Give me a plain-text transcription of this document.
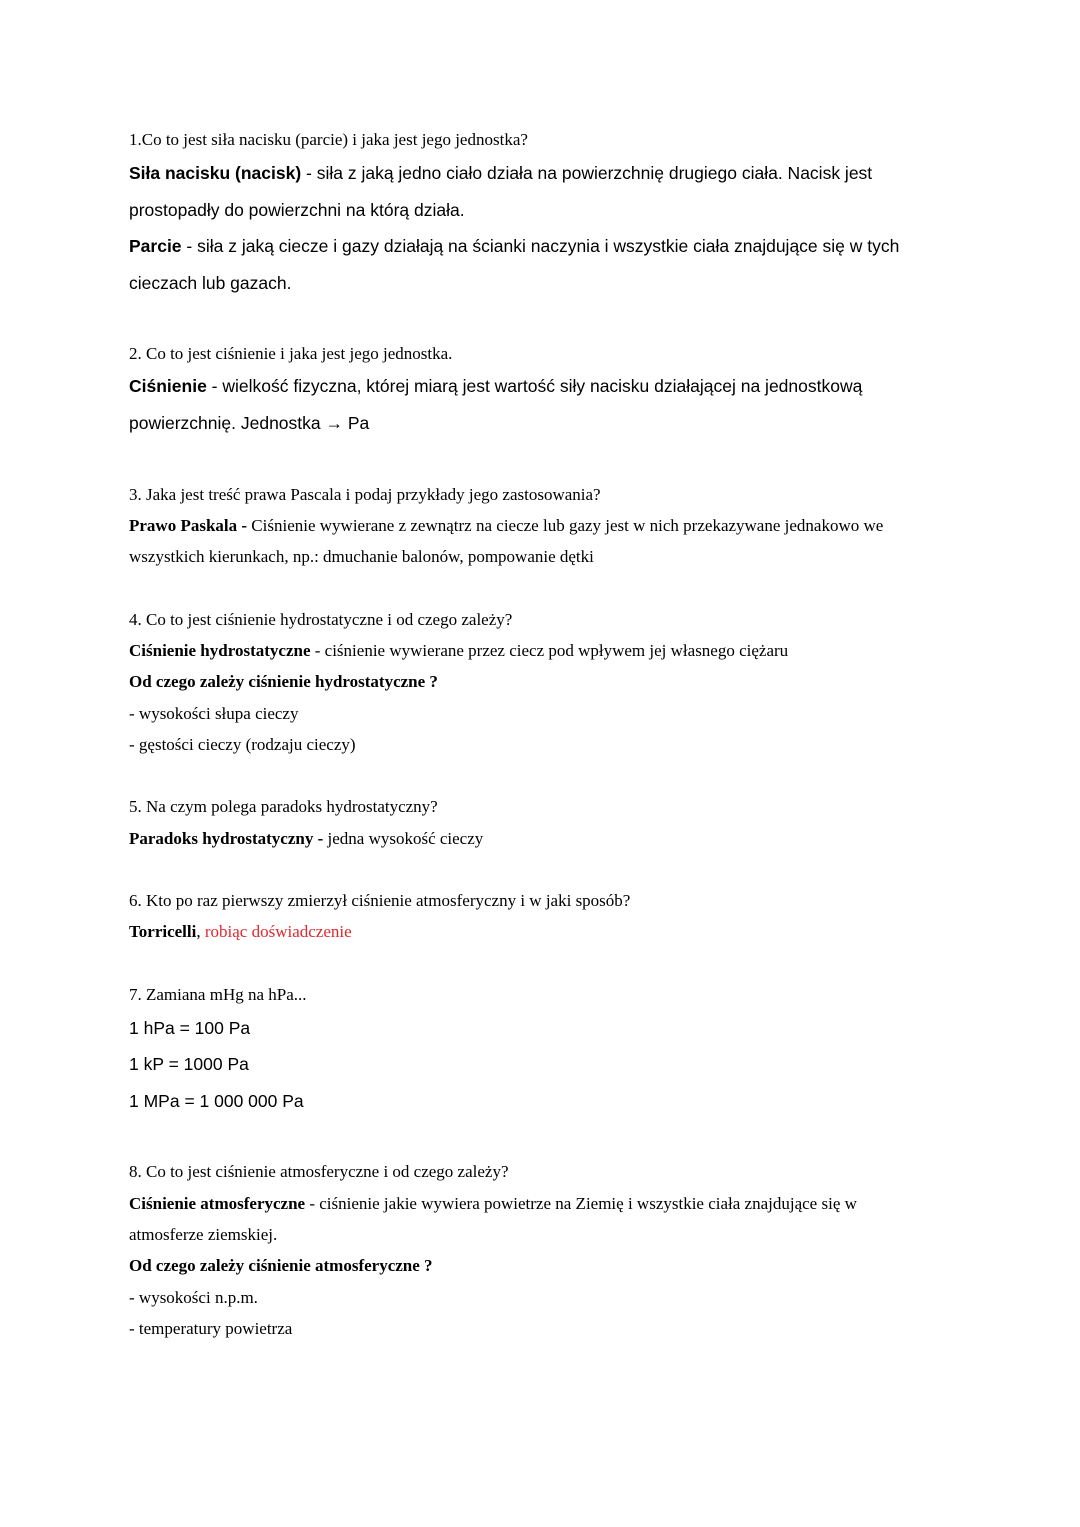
1.Co to jest siła nacisku (parcie) i jaka jest jego jednostka?
Siła nacisku (nacisk) - siła z jaką jedno ciało działa na powierzchnię drugiego ciała. Nacisk jest
prostopadły do powierzchni na którą działa.
Parcie - siła z jaką ciecze i gazy działają na ścianki naczynia i wszystkie ciała znajdujące się w tych
cieczach lub gazach.
2. Co to jest ciśnienie i jaka jest jego jednostka.
Ciśnienie - wielkość fizyczna, której miarą jest wartość siły nacisku działającej na jednostkową
powierzchnię. Jednostka → Pa
3. Jaka jest treść prawa Pascala i podaj przykłady jego zastosowania?
Prawo Paskala - Ciśnienie wywierane z zewnątrz na ciecze lub gazy jest w nich przekazywane jednakowo we
wszystkich kierunkach, np.: dmuchanie balonów, pompowanie dętki
4. Co to jest ciśnienie hydrostatyczne i od czego zależy?
Ciśnienie hydrostatyczne - ciśnienie wywierane przez ciecz pod wpływem jej własnego ciężaru
Od czego zależy ciśnienie hydrostatyczne ?
- wysokości słupa cieczy
- gęstości cieczy (rodzaju cieczy)
5. Na czym polega paradoks hydrostatyczny?
Paradoks hydrostatyczny - jedna wysokość cieczy
6. Kto po raz pierwszy zmierzył ciśnienie atmosferyczny i w jaki sposób?
Torricelli, robiąc doświadczenie
7. Zamiana mHg na hPa...
1 hPa = 100 Pa
1 kP = 1000 Pa
1 MPa = 1 000 000 Pa
8. Co to jest ciśnienie atmosferyczne i od czego zależy?
Ciśnienie atmosferyczne - ciśnienie jakie wywiera powietrze na Ziemię i wszystkie ciała znajdujące się w
atmosferze ziemskiej.
Od czego zależy ciśnienie atmosferyczne ?
- wysokości n.p.m.
- temperatury powietrza
